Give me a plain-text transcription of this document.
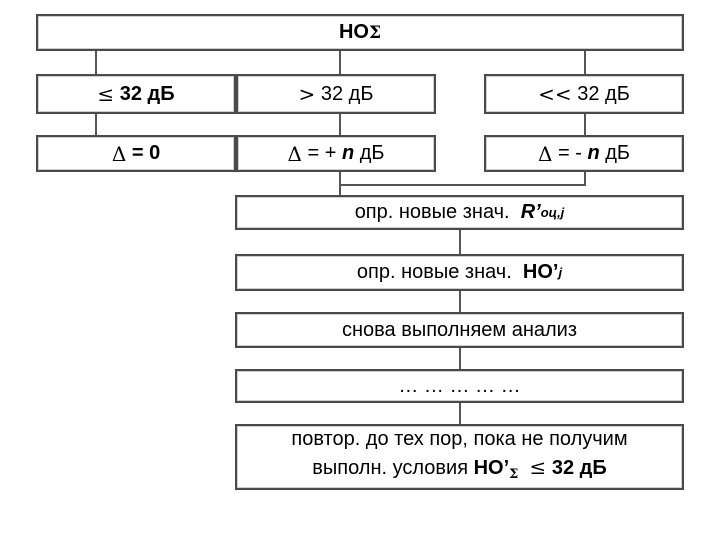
НО Σ
≤
32 дБ	>
32 дБ	<<
32 дБ
Δ
= 0	Δ
= + n дБ	Δ
= - n дБ
опр. новые знач.
R’ оц,j
опр. новые знач.
НО’ j
снова выполняем анализ
… … … … …
повтор. до тех пор, пока не получим
выполн. условия $НО’_\Sigma \le 32$ дБ
